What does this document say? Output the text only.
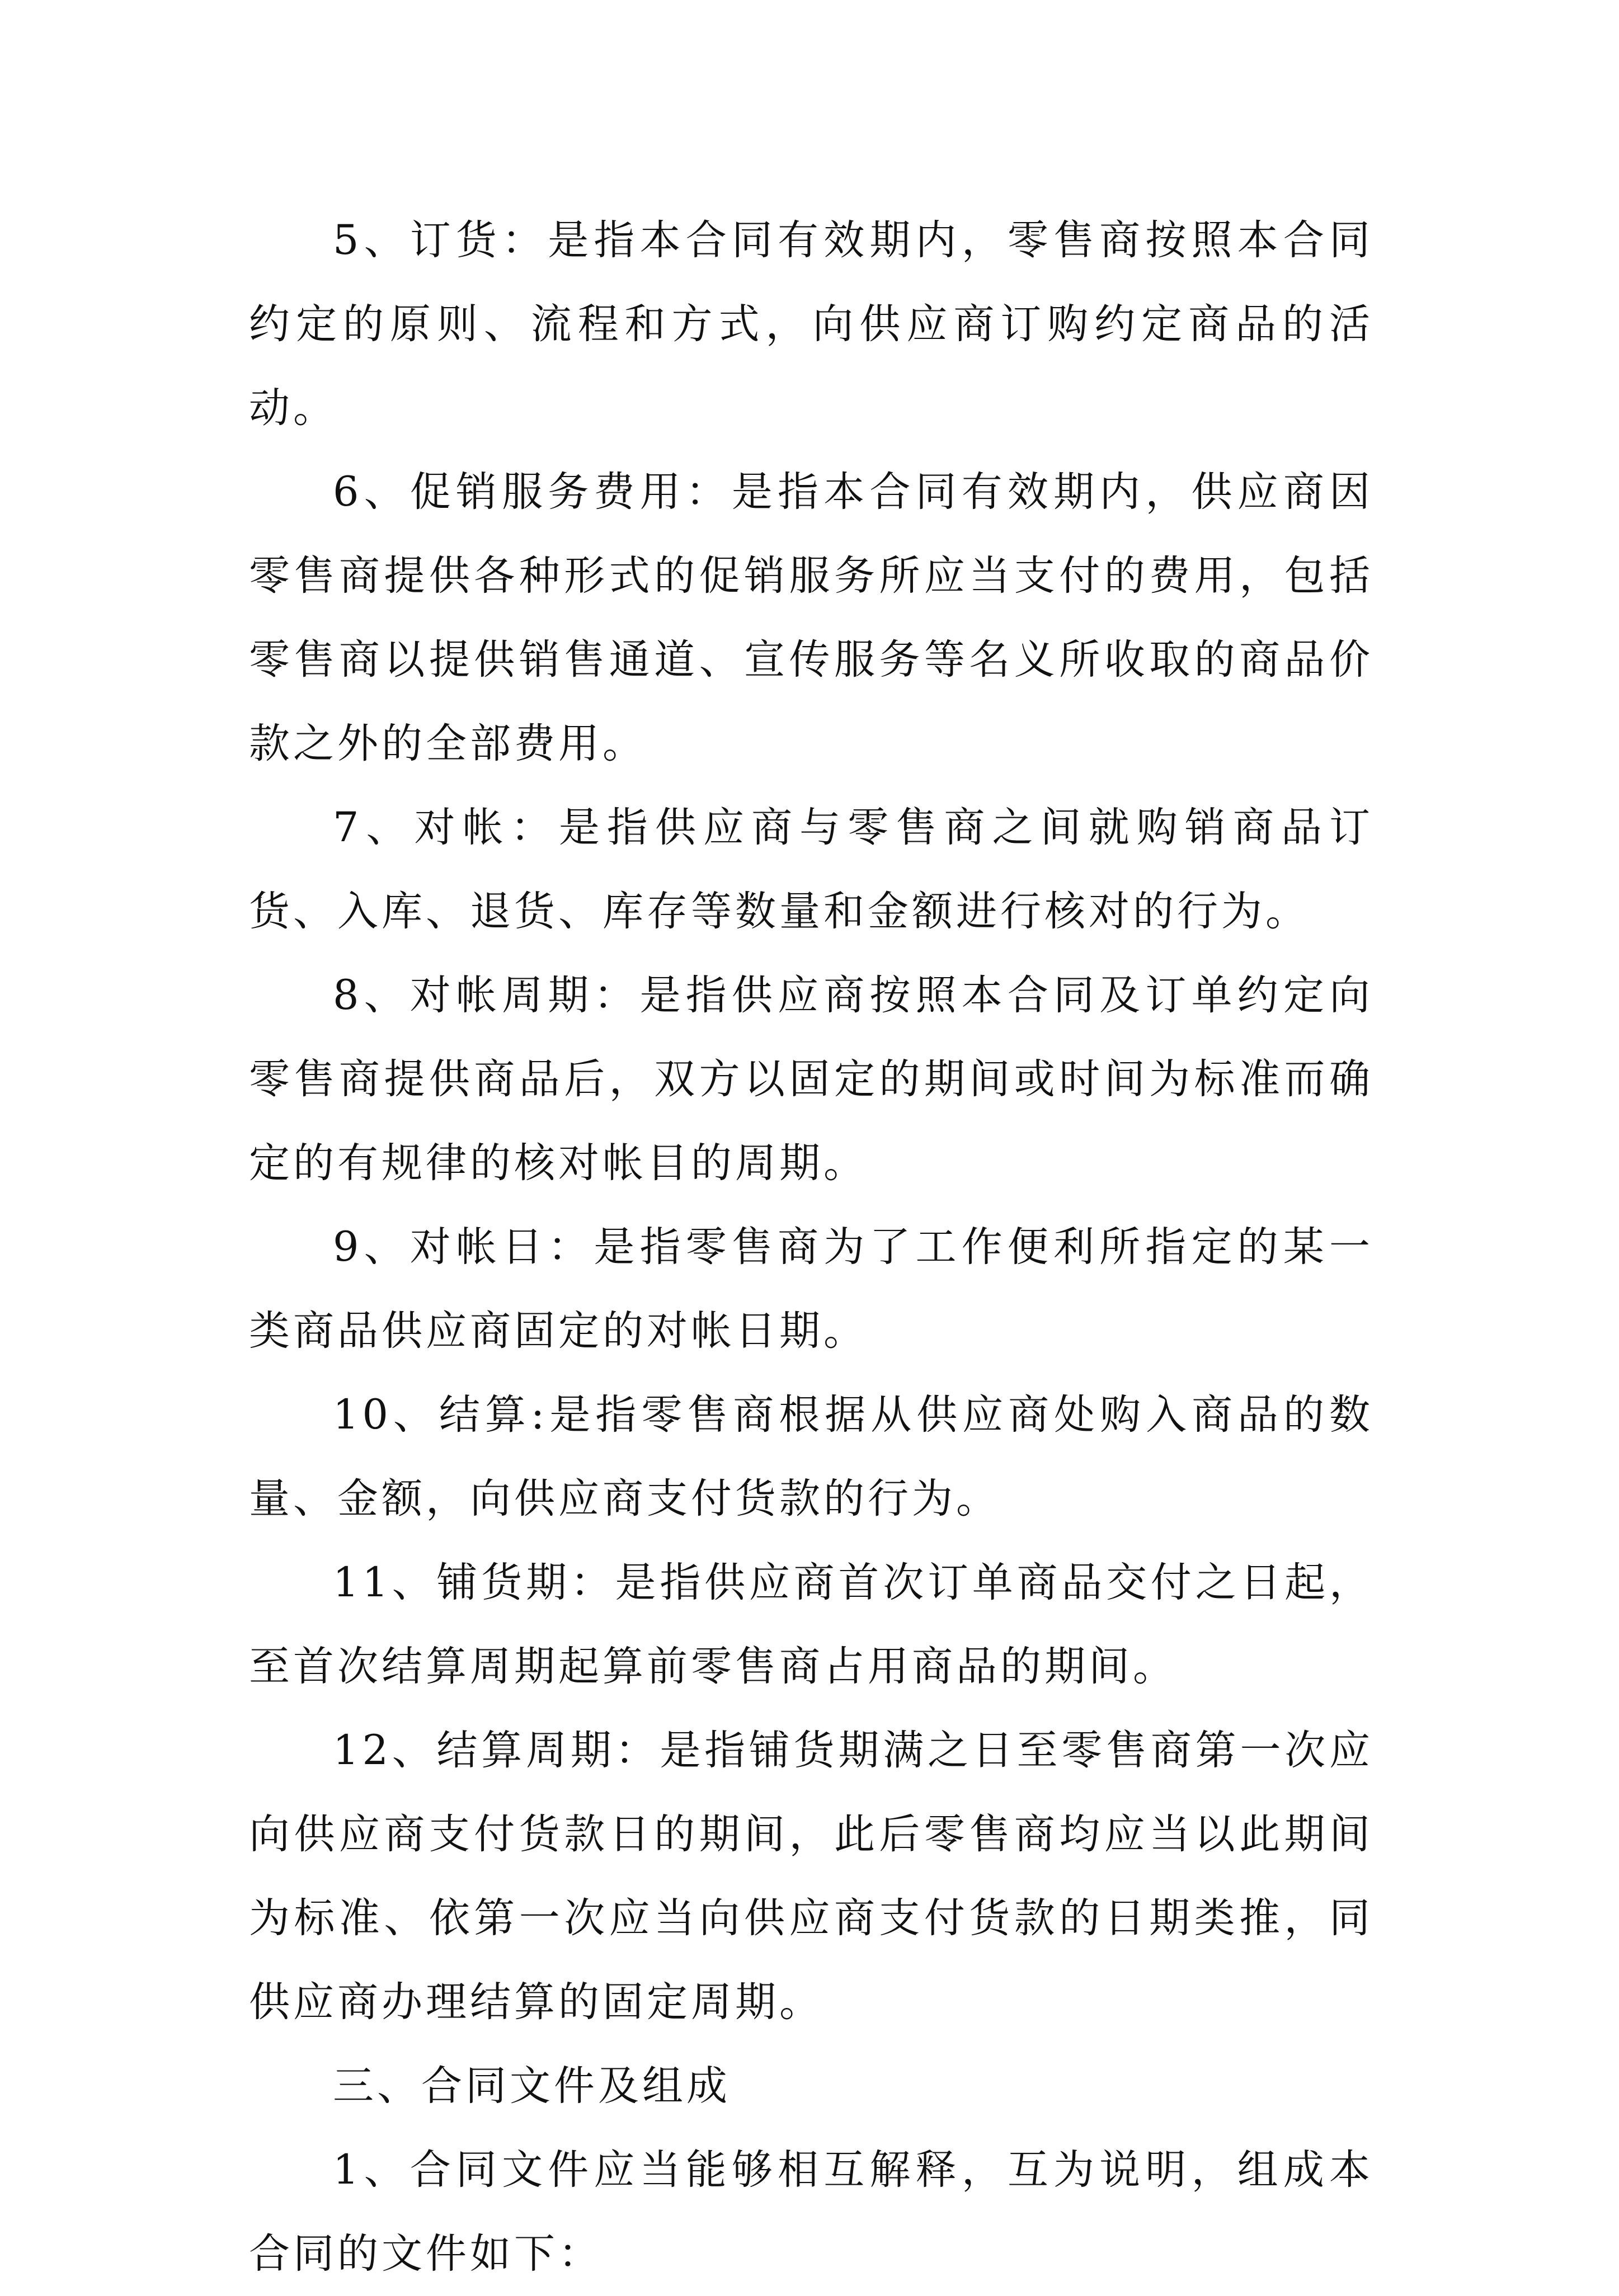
5、订货：是指本合同有效期内，零售商按照本合同约定的原则、流程和方式，向供应商订购约定商品的活动。

6、促销服务费用：是指本合同有效期内，供应商因零售商提供各种形式的促销服务所应当支付的费用，包括零售商以提供销售通道、宣传服务等名义所收取的商品价款之外的全部费用。

7、对帐：是指供应商与零售商之间就购销商品订货、入库、退货、库存等数量和金额进行核对的行为。

8、对帐周期：是指供应商按照本合同及订单约定向零售商提供商品后，双方以固定的期间或时间为标准而确定的有规律的核对帐目的周期。

9、对帐日：是指零售商为了工作便利所指定的某一类商品供应商固定的对帐日期。

10、结算:是指零售商根据从供应商处购入商品的数量、金额，向供应商支付货款的行为。

11、铺货期：是指供应商首次订单商品交付之日起，至首次结算周期起算前零售商占用商品的期间。

12、结算周期：是指铺货期满之日至零售商第一次应向供应商支付货款日的期间，此后零售商均应当以此期间为标准、依第一次应当向供应商支付货款的日期类推，同供应商办理结算的固定周期。

三、合同文件及组成

1、合同文件应当能够相互解释，互为说明，组成本合同的文件如下：
